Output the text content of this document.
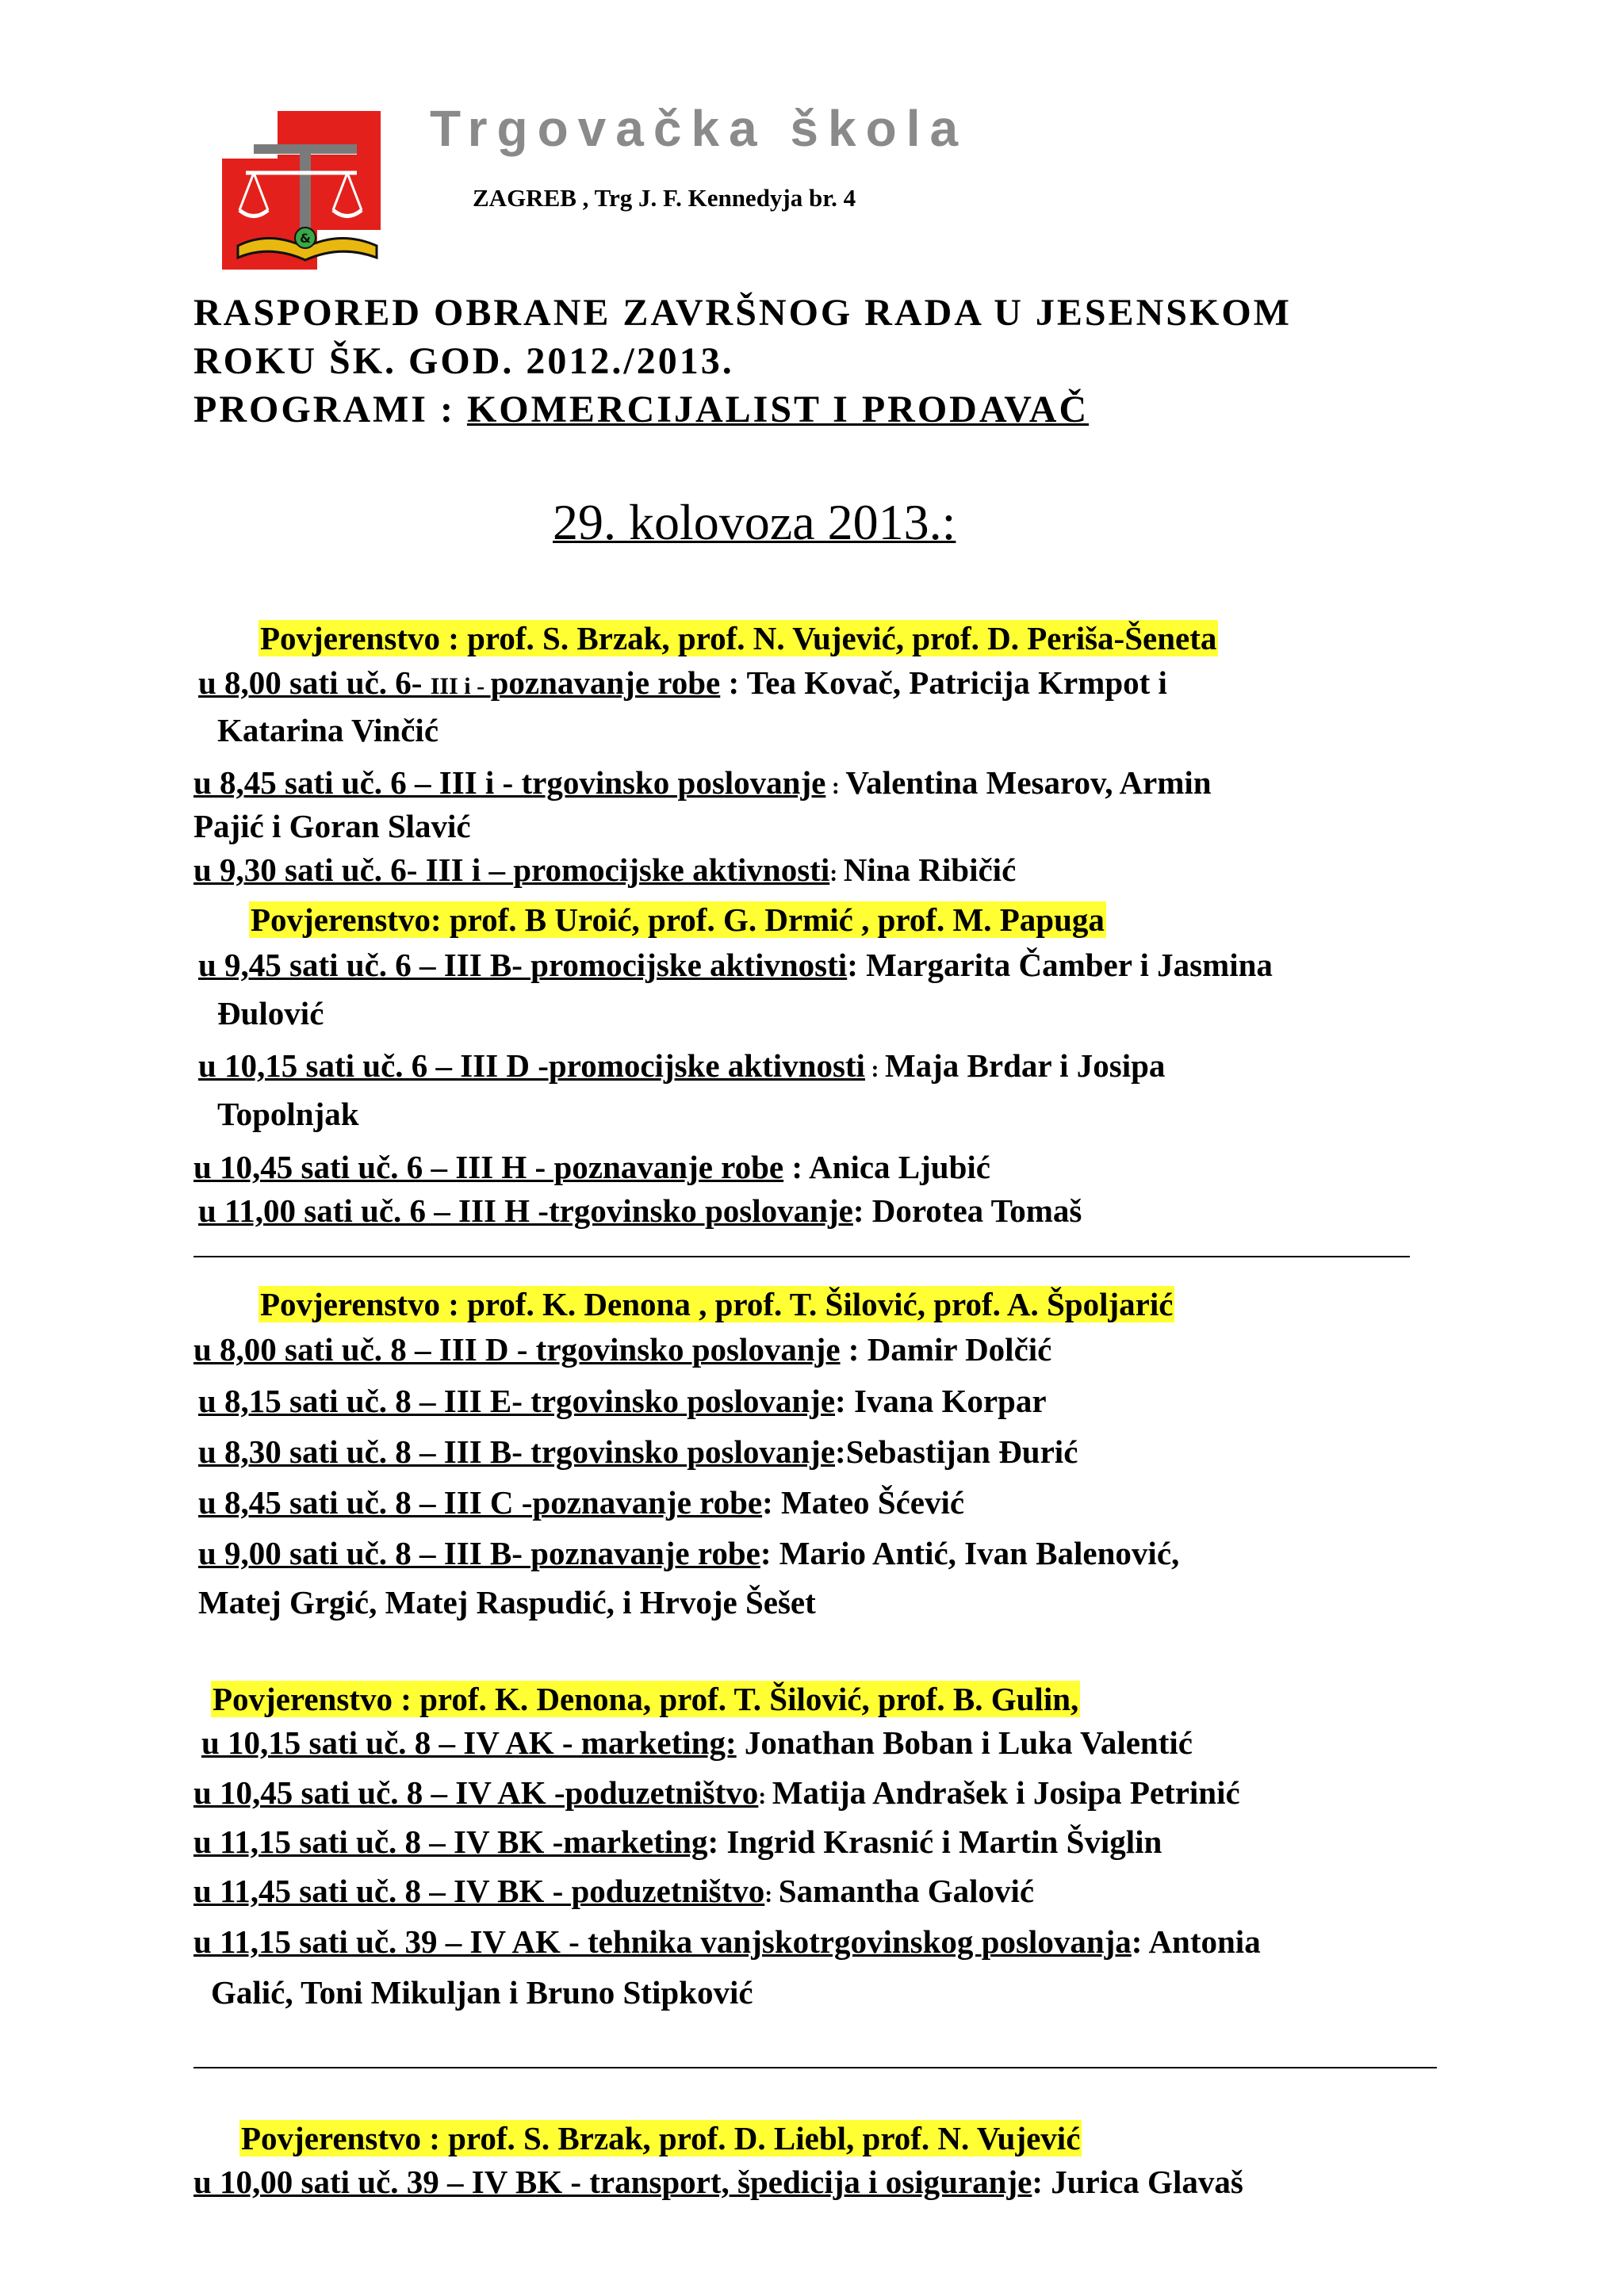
&
Trgovačka škola
ZAGREB , Trg J. F. Kennedyja br. 4
RASPORED OBRANE ZAVRŠNOG RADA U JESENSKOM
ROKU ŠK. GOD. 2012./2013.
PROGRAMI : KOMERCIJALIST I PRODAVAČ
29. kolovoza 2013.:
Povjerenstvo : prof. S. Brzak, prof. N. Vujević, prof. D. Periša-Šeneta
u 8,00 sati uč. 6- III i - poznavanje robe : Tea Kovač, Patricija Krmpot i
Katarina Vinčić
u 8,45 sati uč. 6 – III i - trgovinsko poslovanje : Valentina Mesarov, Armin
Pajić i Goran Slavić
u 9,30 sati uč. 6- III i – promocijske aktivnosti: Nina Ribičić
Povjerenstvo: prof. B Uroić, prof. G. Drmić , prof. M. Papuga
u 9,45 sati uč. 6 – III B- promocijske aktivnosti: Margarita Čamber i Jasmina
Đulović
u 10,15 sati uč. 6 – III D -promocijske aktivnosti : Maja Brdar i Josipa
Topolnjak
u 10,45 sati uč. 6 – III H - poznavanje robe : Anica Ljubić
u 11,00 sati uč. 6 – III H -trgovinsko poslovanje: Dorotea Tomaš
Povjerenstvo : prof. K. Denona , prof. T. Šilović, prof. A. Špoljarić
u 8,00 sati uč. 8 – III D - trgovinsko poslovanje : Damir Dolčić
u 8,15 sati uč. 8 – III E- trgovinsko poslovanje: Ivana Korpar
u 8,30 sati uč. 8 – III B- trgovinsko poslovanje:Sebastijan Đurić
u 8,45 sati uč. 8 – III C -poznavanje robe: Mateo Šćević
u 9,00 sati uč. 8 – III B- poznavanje robe: Mario Antić, Ivan Balenović,
Matej Grgić, Matej Raspudić, i Hrvoje Šešet
Povjerenstvo : prof. K. Denona, prof. T. Šilović, prof. B. Gulin,
u 10,15 sati uč. 8 – IV AK - marketing: Jonathan Boban i Luka Valentić
u 10,45 sati uč. 8 – IV AK -poduzetništvo: Matija Andrašek i Josipa Petrinić
u 11,15 sati uč. 8 – IV BK -marketing: Ingrid Krasnić i Martin Šviglin
u 11,45 sati uč. 8 – IV BK - poduzetništvo: Samantha Galović
u 11,15 sati uč. 39 – IV AK - tehnika vanjskotrgovinskog poslovanja: Antonia
Galić, Toni Mikuljan i Bruno Stipković
Povjerenstvo : prof. S. Brzak, prof. D. Liebl, prof. N. Vujević
u 10,00 sati uč. 39 – IV BK - transport, špedicija i osiguranje: Jurica Glavaš
